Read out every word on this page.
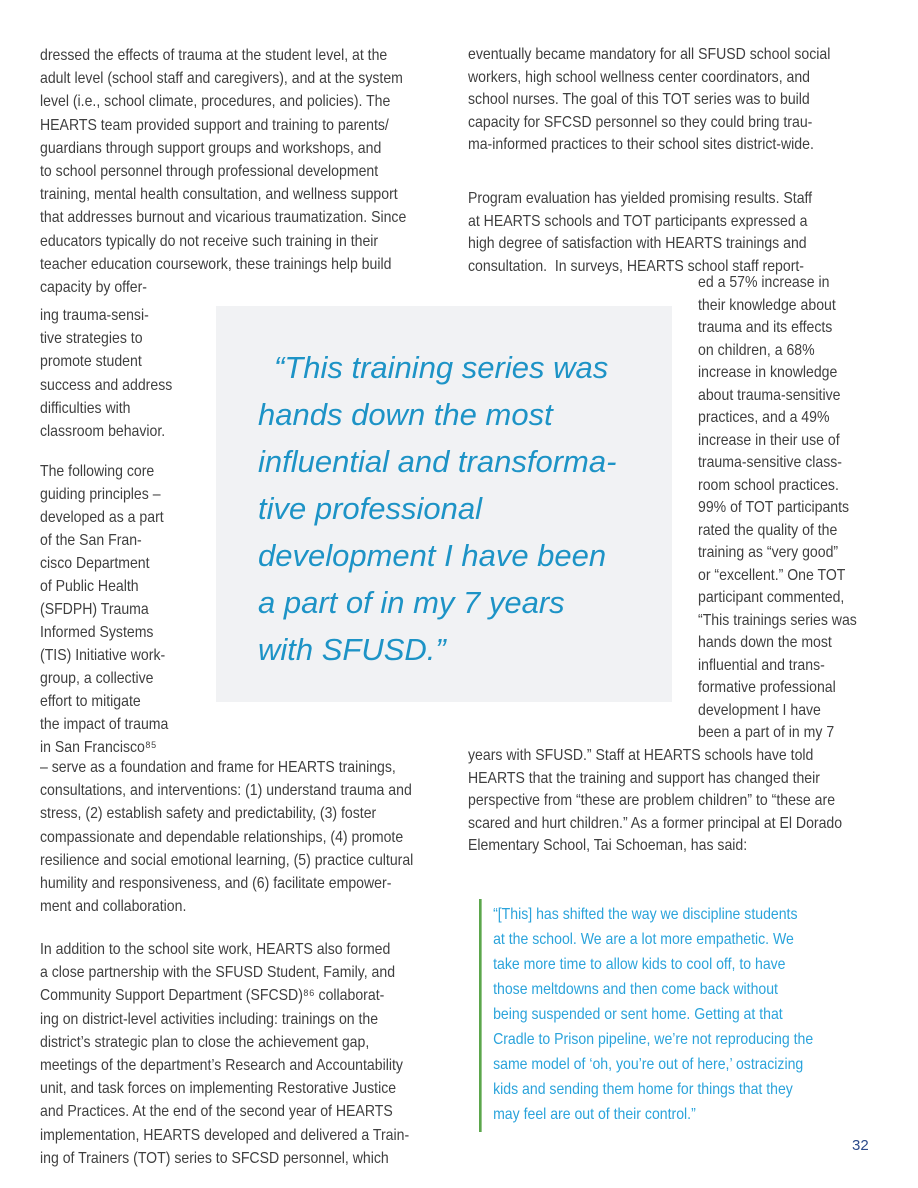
“This training series was
hands down the most
influential and transforma-
tive professional
development I have been
a part of in my 7 years
with SFUSD.”
dressed the effects of trauma at the student level, at the
adult level (school staff and caregivers), and at the system
level (i.e., school climate, procedures, and policies). The
HEARTS team provided support and training to parents/
guardians through support groups and workshops, and
to school personnel through professional development
training, mental health consultation, and wellness support
that addresses burnout and vicarious traumatization. Since
educators typically do not receive such training in their
teacher education coursework, these trainings help build
capacity by offer-
ing trauma-sensi-
tive strategies to
promote student
success and address
difficulties with
classroom behavior.
The following core
guiding principles –
developed as a part
of the San Fran-
cisco Department
of Public Health
(SFDPH) Trauma
Informed Systems
(TIS) Initiative work-
group, a collective
effort to mitigate
the impact of trauma
in San Francisco⁸⁵
– serve as a foundation and frame for HEARTS trainings,
consultations, and interventions: (1) understand trauma and
stress, (2) establish safety and predictability, (3) foster
compassionate and dependable relationships, (4) promote
resilience and social emotional learning, (5) practice cultural
humility and responsiveness, and (6) facilitate empower-
ment and collaboration.
In addition to the school site work, HEARTS also formed
a close partnership with the SFUSD Student, Family, and
Community Support Department (SFCSD)⁸⁶ collaborat-
ing on district-level activities including: trainings on the
district’s strategic plan to close the achievement gap,
meetings of the department’s Research and Accountability
unit, and task forces on implementing Restorative Justice
and Practices. At the end of the second year of HEARTS
implementation, HEARTS developed and delivered a Train-
ing of Trainers (TOT) series to SFCSD personnel, which
eventually became mandatory for all SFUSD school social
workers, high school wellness center coordinators, and
school nurses. The goal of this TOT series was to build
capacity for SFCSD personnel so they could bring trau-
ma-informed practices to their school sites district-wide.
Program evaluation has yielded promising results. Staff
at HEARTS schools and TOT participants expressed a
high degree of satisfaction with HEARTS trainings and
consultation.  In surveys, HEARTS school staff report-
ed a 57% increase in
their knowledge about
trauma and its effects
on children, a 68%
increase in knowledge
about trauma-sensitive
practices, and a 49%
increase in their use of
trauma-sensitive class-
room school practices.
99% of TOT participants
rated the quality of the
training as “very good”
or “excellent.” One TOT
participant commented,
“This trainings series was
hands down the most
influential and trans-
formative professional
development I have
been a part of in my 7
years with SFUSD.” Staff at HEARTS schools have told
HEARTS that the training and support has changed their
perspective from “these are problem children” to “these are
scared and hurt children.” As a former principal at El Dorado
Elementary School, Tai Schoeman, has said:
“[This] has shifted the way we discipline students
at the school. We are a lot more empathetic. We
take more time to allow kids to cool off, to have
those meltdowns and then come back without
being suspended or sent home. Getting at that
Cradle to Prison pipeline, we’re not reproducing the
same model of ‘oh, you’re out of here,’ ostracizing
kids and sending them home for things that they
may feel are out of their control.”
32
